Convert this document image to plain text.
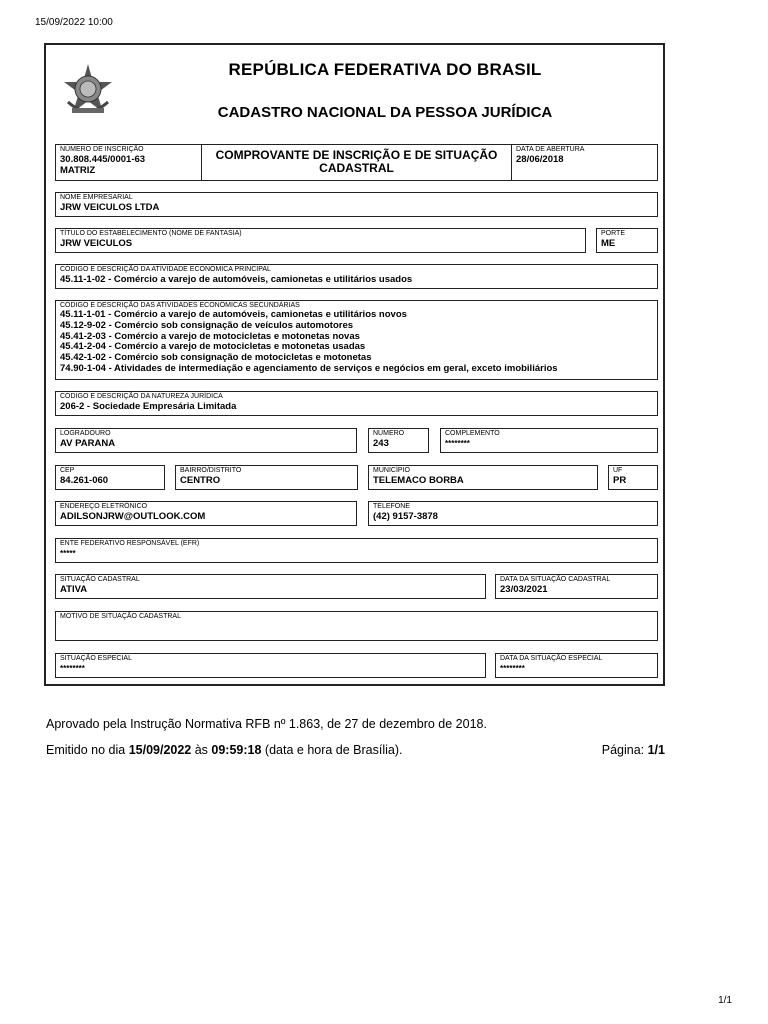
15/09/2022 10:00
REPÚBLICA FEDERATIVA DO BRASIL
CADASTRO NACIONAL DA PESSOA JURÍDICA
NÚMERO DE INSCRIÇÃO
30.808.445/0001-63
MATRIZ
COMPROVANTE DE INSCRIÇÃO E DE SITUAÇÃO
CADASTRAL
DATA DE ABERTURA
28/06/2018
NOME EMPRESARIAL
JRW VEICULOS LTDA
TÍTULO DO ESTABELECIMENTO (NOME DE FANTASIA)
JRW VEICULOS
PORTE
ME
CÓDIGO E DESCRIÇÃO DA ATIVIDADE ECONÔMICA PRINCIPAL
45.11-1-02 - Comércio a varejo de automóveis, camionetas e utilitários usados
CÓDIGO E DESCRIÇÃO DAS ATIVIDADES ECONÔMICAS SECUNDÁRIAS
45.11-1-01 - Comércio a varejo de automóveis, camionetas e utilitários novos
45.12-9-02 - Comércio sob consignação de veículos automotores
45.41-2-03 - Comércio a varejo de motocicletas e motonetas novas
45.41-2-04 - Comércio a varejo de motocicletas e motonetas usadas
45.42-1-02 - Comércio sob consignação de motocicletas e motonetas
74.90-1-04 - Atividades de intermediação e agenciamento de serviços e negócios em geral, exceto imobiliários
CÓDIGO E DESCRIÇÃO DA NATUREZA JURÍDICA
206-2 - Sociedade Empresária Limitada
LOGRADOURO
AV PARANA
NÚMERO
243
COMPLEMENTO
********
CEP
84.261-060
BAIRRO/DISTRITO
CENTRO
MUNICÍPIO
TELEMACO BORBA
UF
PR
ENDEREÇO ELETRÔNICO
ADILSONJRW@OUTLOOK.COM
TELEFONE
(42) 9157-3878
ENTE FEDERATIVO RESPONSÁVEL (EFR)
*****
SITUAÇÃO CADASTRAL
ATIVA
DATA DA SITUAÇÃO CADASTRAL
23/03/2021
MOTIVO DE SITUAÇÃO CADASTRAL
SITUAÇÃO ESPECIAL
********
DATA DA SITUAÇÃO ESPECIAL
********
Aprovado pela Instrução Normativa RFB nº 1.863, de 27 de dezembro de 2018.
Emitido no dia 15/09/2022 às 09:59:18 (data e hora de Brasília).	Página: 1/1
1/1
